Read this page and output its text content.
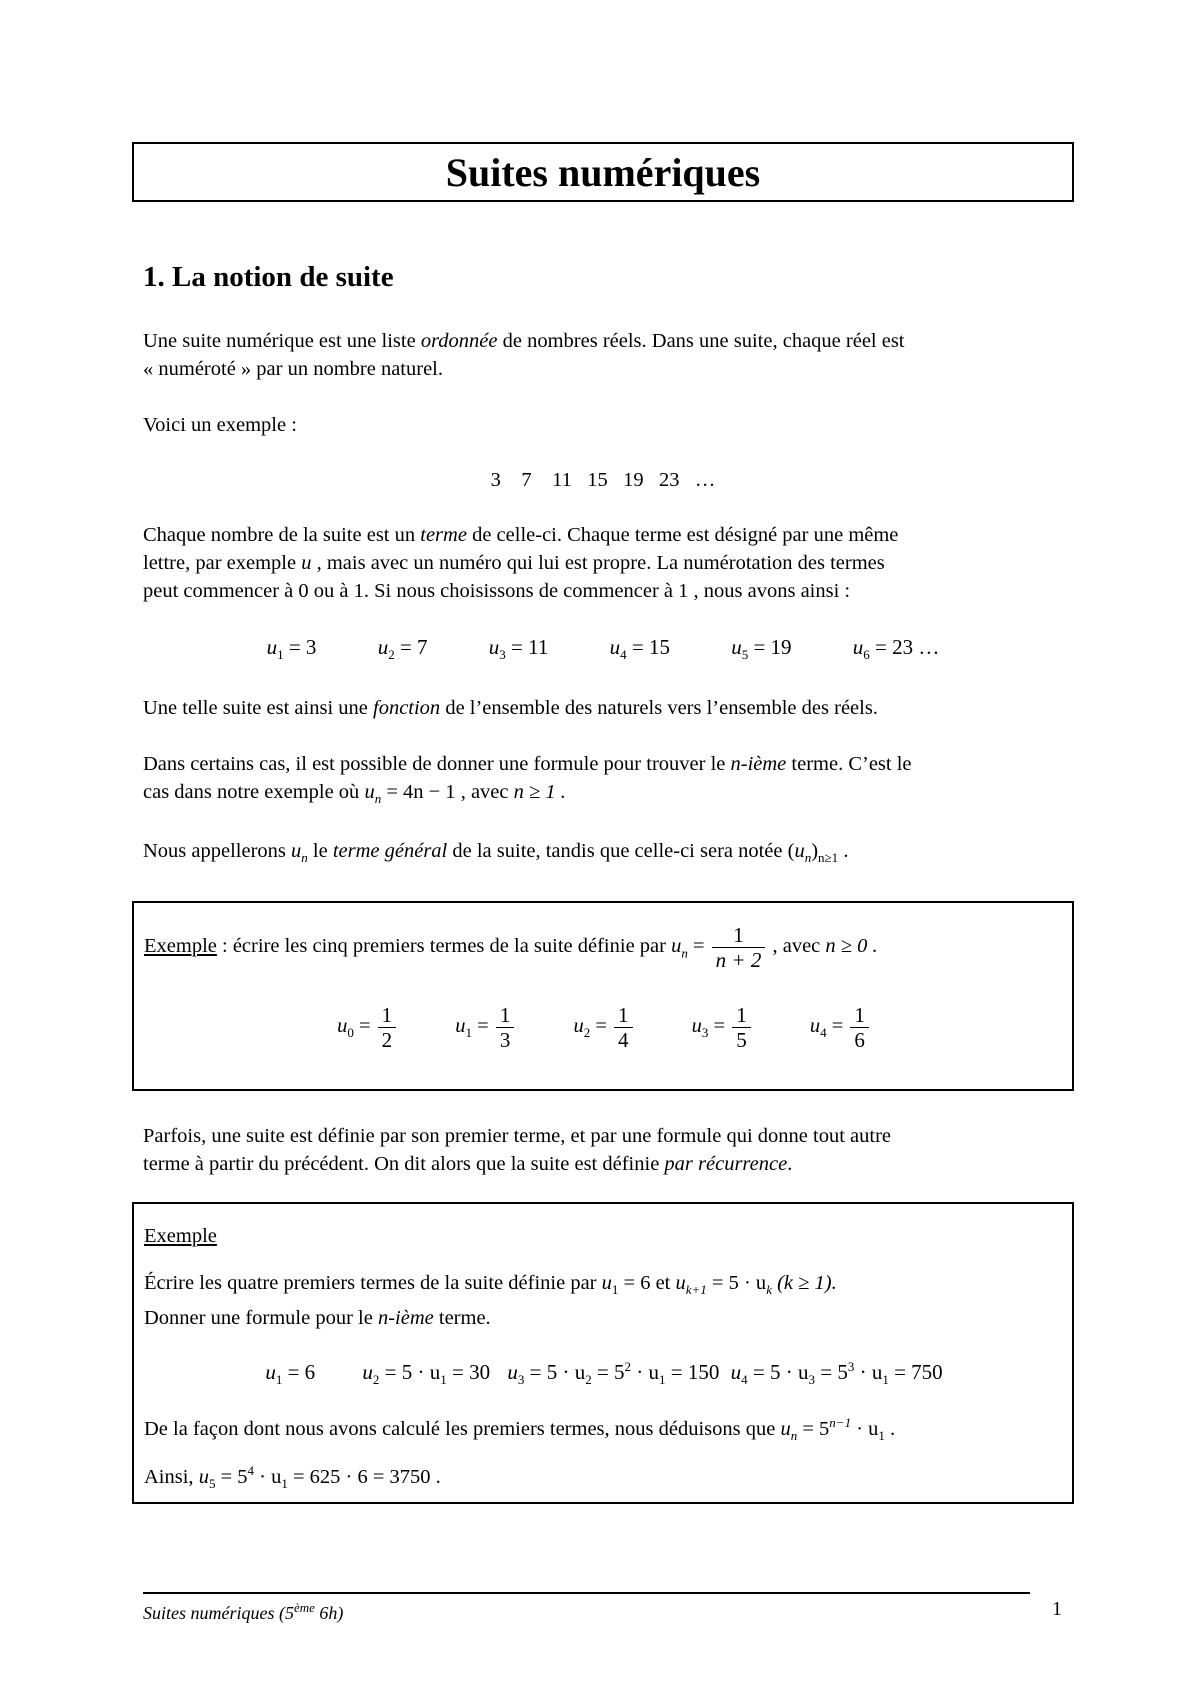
Suites numériques
1. La notion de suite
Une suite numérique est une liste ordonnée de nombres réels. Dans une suite, chaque réel est
« numéroté » par un nombre naturel.
Voici un exemple :
3    7    11   15   19   23   …
Chaque nombre de la suite est un terme de celle-ci. Chaque terme est désigné par une même
lettre, par exemple u , mais avec un numéro qui lui est propre. La numérotation des termes
peut commencer à 0 ou à 1. Si nous choisissons de commencer à 1 , nous avons ainsi :
$u_1 = 3$	$u_2 = 7$	$u_3 = 11$	$u_4 = 15$	$u_5 = 19$	$u_6 = 23$ …
Une telle suite est ainsi une fonction de l’ensemble des naturels vers l’ensemble des réels.
Dans certains cas, il est possible de donner une formule pour trouver le n-ième terme. C’est le
cas dans notre exemple où $u_n = 4n - 1$ , avec n ≥ 1 .
Nous appellerons $u_n$ le terme général de la suite, tandis que celle-ci sera notée $(u_n)_{n\ge 1}$ .
Exemple : écrire les cinq premiers termes de la suite définie par $u_n = \frac{1}{n + 2}$ , avec n ≥ 0 .
$u_0 = \frac{1}{2}$	$u_1 = \frac{1}{3}$	$u_2 = \frac{1}{4}$	$u_3 = \frac{1}{5}$	$u_4 = \frac{1}{6}$
Parfois, une suite est définie par son premier terme, et par une formule qui donne tout autre
terme à partir du précédent. On dit alors que la suite est définie par récurrence.
Exemple
Écrire les quatre premiers termes de la suite définie par $u_1 = 6$ et $u_{k+1} = 5 \cdot u_k$ (k ≥ 1).
Donner une formule pour le n-ième terme.
$u_1 = 6$ $u_2 = 5 \cdot u_1 = 30$ $u_3 = 5 \cdot u_2 = 5^2 \cdot u_1 = 150$ $u_4 = 5 \cdot u_3 = 5^3 \cdot u_1 = 750$
De la façon dont nous avons calculé les premiers termes, nous déduisons que $u_n = 5^{n-1} \cdot u_1$ .
Ainsi, $u_5 = 5^4 \cdot u_1 = 625 \cdot 6 = 3750$ .
Suites numériques (5ème 6h)	1
